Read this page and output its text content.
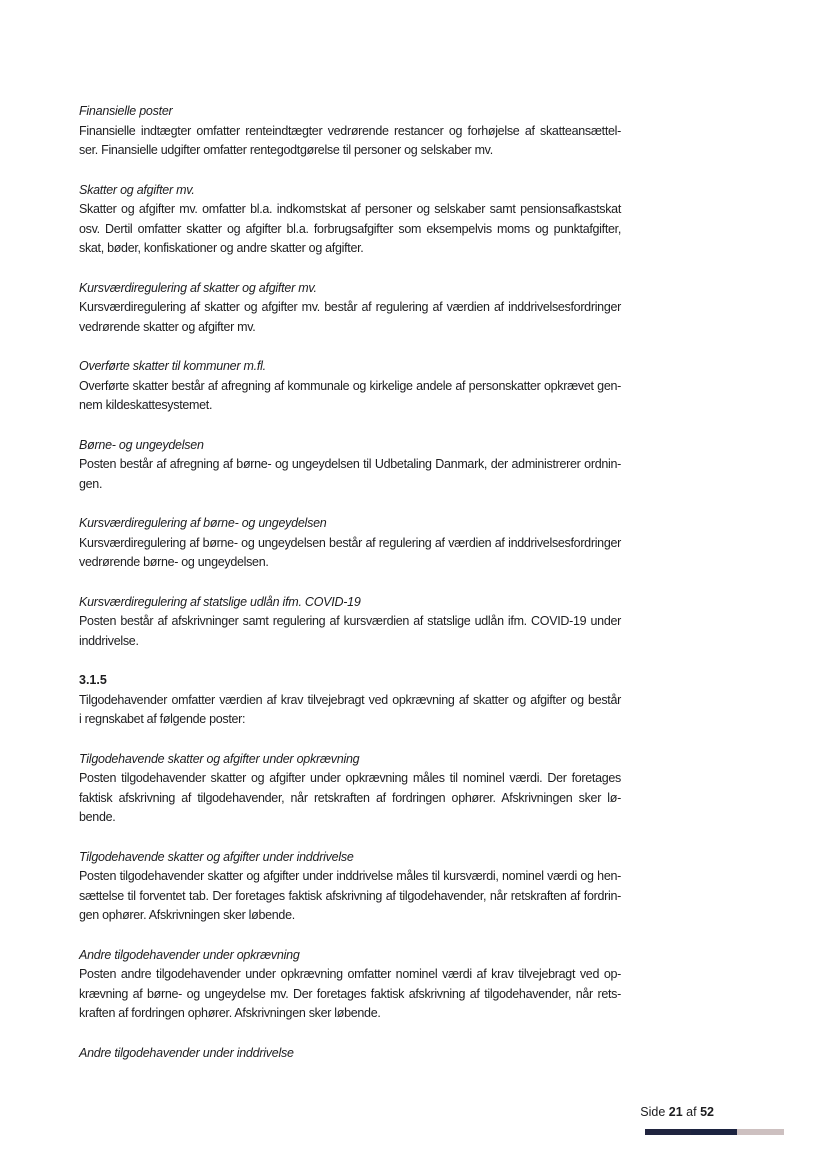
Finansielle poster

Finansielle indtægter omfatter renteindtægter vedrørende restancer og forhøjelse af skatteansættel-

ser. Finansielle udgifter omfatter rentegodtgørelse til personer og selskaber mv.

Skatter og afgifter mv.

Skatter og afgifter mv. omfatter bl.a. indkomstskat af personer og selskaber samt pensionsafkastskat

osv. Dertil omfatter skatter og afgifter bl.a. forbrugsafgifter som eksempelvis moms og punktafgifter,

skat, bøder, konfiskationer og andre skatter og afgifter.

Kursværdiregulering af skatter og afgifter mv.

Kursværdiregulering af skatter og afgifter mv. består af regulering af værdien af inddrivelsesfordringer

vedrørende skatter og afgifter mv.

Overførte skatter til kommuner m.fl.

Overførte skatter består af afregning af kommunale og kirkelige andele af personskatter opkrævet gen-

nem kildeskattesystemet.

Børne- og ungeydelsen

Posten består af afregning af børne- og ungeydelsen til Udbetaling Danmark, der administrerer ordnin-

gen.

Kursværdiregulering af børne- og ungeydelsen

Kursværdiregulering af børne- og ungeydelsen består af regulering af værdien af inddrivelsesfordringer

vedrørende børne- og ungeydelsen.

Kursværdiregulering af statslige udlån ifm. COVID-19

Posten består af afskrivninger samt regulering af kursværdien af statslige udlån ifm. COVID-19 under

inddrivelse.

3.1.5

Tilgodehavender omfatter værdien af krav tilvejebragt ved opkrævning af skatter og afgifter og består

i regnskabet af følgende poster:

Tilgodehavende skatter og afgifter under opkrævning

Posten tilgodehavender skatter og afgifter under opkrævning måles til nominel værdi. Der foretages

faktisk afskrivning af tilgodehavender, når retskraften af fordringen ophører. Afskrivningen sker lø-

bende.

Tilgodehavende skatter og afgifter under inddrivelse

Posten tilgodehavender skatter og afgifter under inddrivelse måles til kursværdi, nominel værdi og hen-

sættelse til forventet tab. Der foretages faktisk afskrivning af tilgodehavender, når retskraften af fordrin-

gen ophører. Afskrivningen sker løbende.

Andre tilgodehavender under opkrævning

Posten andre tilgodehavender under opkrævning omfatter nominel værdi af krav tilvejebragt ved op-

krævning af børne- og ungeydelse mv. Der foretages faktisk afskrivning af tilgodehavender, når rets-

kraften af fordringen ophører. Afskrivningen sker løbende.

Andre tilgodehavender under inddrivelse

Side 21 af 52
